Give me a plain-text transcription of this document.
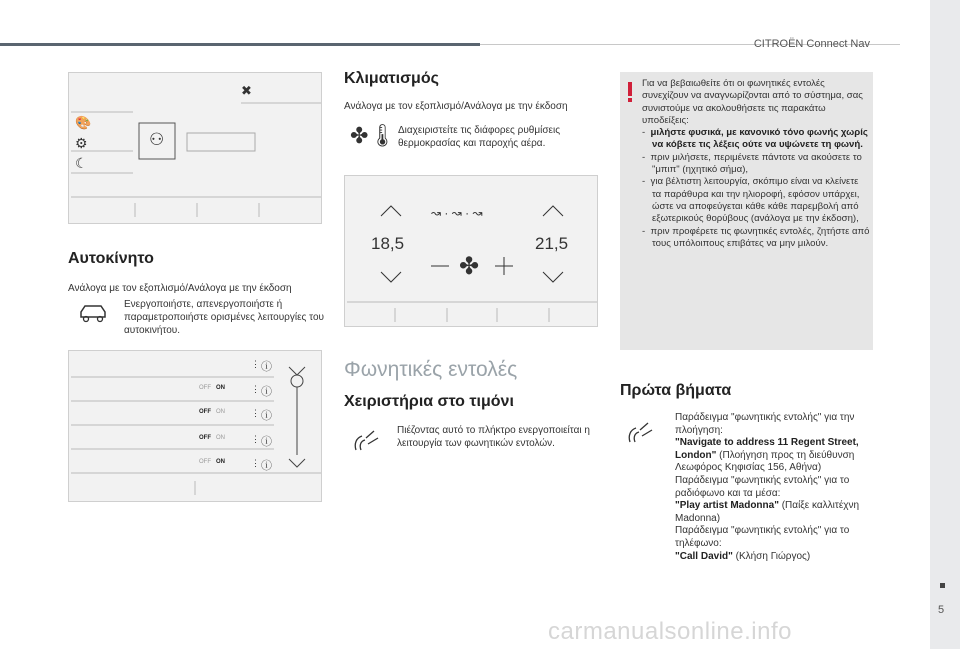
CITROËN Connect Nav
5
✖
🎨
⚙
☾
⚇
Αυτοκίνητο
Ανάλογα με τον εξοπλισμό/Ανάλογα με την έκδοση
Ενεργοποιήστε, απενεργοποιήστε ή παραμετροποιήστε ορισμένες λειτουργίες του αυτοκινήτου.
⋮ ⓘ
OFF ON	⋮ ⓘ
OFF ON	⋮ ⓘ
OFF ON	⋮ ⓘ
OFF ON	⋮ ⓘ
Κλιματισμός
Ανάλογα με τον εξοπλισμό/Ανάλογα με την έκδοση
✤🌡 Διαχειριστείτε τις διάφορες ρυθμίσεις θερμοκρασίας και παροχής αέρα.
↝ · ↝ · ↝
18,5	21,5
✤
Φωνητικές εντολές
Χειριστήρια στο τιμόνι
Πιέζοντας αυτό το πλήκτρο ενεργοποιείται η λειτουργία των φωνητικών εντολών.
Για να βεβαιωθείτε ότι οι φωνητικές εντολές συνεχίζουν να αναγνωρίζονται από το σύστημα, σας συνιστούμε να ακολουθήσετε τις παρακάτω υποδείξεις:
- μιλήστε φυσικά, με κανονικό τόνο φωνής χωρίς να κόβετε τις λέξεις ούτε να υψώνετε τη φωνή.
- πριν μιλήσετε, περιμένετε πάντοτε να ακούσετε το "μπιπ" (ηχητικό σήμα),
- για βέλτιστη λειτουργία, σκόπιμο είναι να κλείνετε τα παράθυρα και την ηλιοροφή, εφόσον υπάρχει, ώστε να αποφεύγεται κάθε κάθε παρεμβολή από εξωτερικούς θορύβους (ανάλογα με την έκδοση),
- πριν προφέρετε τις φωνητικές εντολές, ζητήστε από τους υπόλοιπους επιβάτες να μην μιλούν.
Πρώτα βήματα
Παράδειγμα "φωνητικής εντολής" για την πλοήγηση:
"Navigate to address 11 Regent Street, London" (Πλοήγηση προς τη διεύθυνση Λεωφόρος Κηφισίας 156, Αθήνα)
Παράδειγμα "φωνητικής εντολής" για το ραδιόφωνο και τα μέσα:
"Play artist Madonna" (Παίξε καλλιτέχνη Madonna)
Παράδειγμα "φωνητικής εντολής" για το τηλέφωνο:
"Call David" (Κλήση Γιώργος)
carmanualsonline.info
